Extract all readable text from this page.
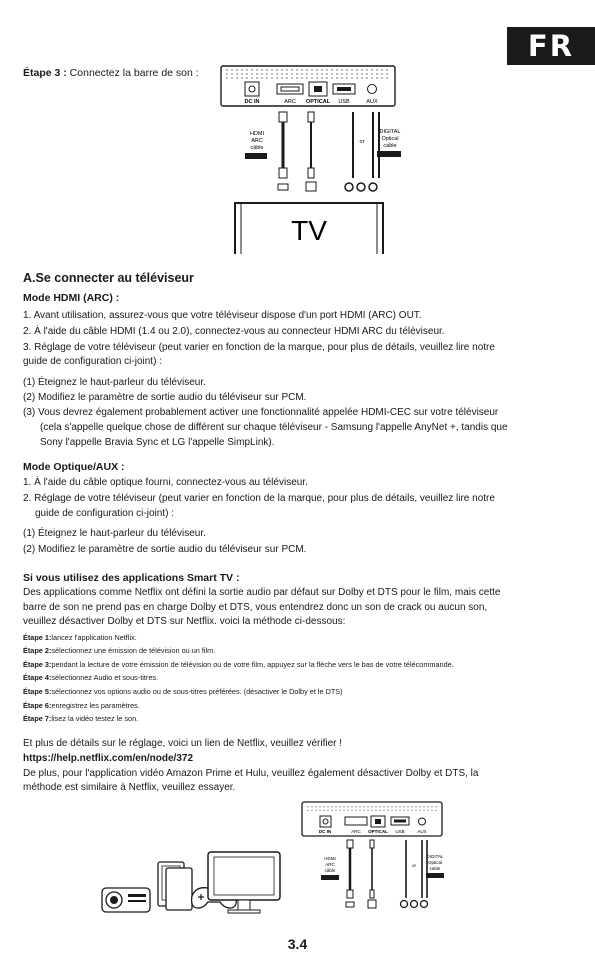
FR
Étape 3 : Connectez la barre de son :
DC IN	ARC OPTICAL USB	AUX
HDMI
ARC
câble
or
DIGITAL
Optical
cable
TV
A.Se connecter au téléviseur
Mode HDMI (ARC) :
1. Avant utilisation, assurez-vous que votre téléviseur dispose d'un port HDMI (ARC) OUT.
2. À l'aide du câble HDMI (1.4 ou 2.0), connectez-vous au connecteur HDMI ARC du téléviseur.
3. Réglage de votre téléviseur (peut varier en fonction de la marque, pour plus de détails, veuillez lire notre
guide de configuration ci-joint) :
(1) Éteignez le haut-parleur du téléviseur.
(2) Modifiez le paramètre de sortie audio du téléviseur sur PCM.
(3) Vous devrez également probablement activer une fonctionnalité appelée HDMI-CEC sur votre téléviseur
(cela s'appelle quelque chose de différent sur chaque téléviseur - Samsung l'appelle AnyNet +, tandis que
Sony l'appelle Bravia Sync et LG l'appelle SimpLink).
Mode Optique/AUX :
1. À l'aide du câble optique fourni, connectez-vous au téléviseur.
2. Réglage de votre téléviseur (peut varier en fonction de la marque, pour plus de détails, veuillez lire notre
guide de configuration ci-joint) :
(1) Éteignez le haut-parleur du téléviseur.
(2) Modifiez le paramètre de sortie audio du téléviseur sur PCM.
Si vous utilisez des applications Smart TV :
Des applications comme Netflix ont défini la sortie audio par défaut sur Dolby et DTS pour le film, mais cette
barre de son ne prend pas en charge Dolby et DTS, vous entendrez donc un son de crack ou aucun son,
veuillez désactiver Dolby et DTS sur Netflix. voici la méthode ci-dessous:
Étape 1:lancez l'application Netflix.
Étape 2:sélectionnez une émission de télévision ou un film.
Étape 3:pendant la lecture de votre émission de télévision ou de votre film, appuyez sur la flèche vers le bas de votre télécommande.
Étape 4:sélectionnez Audio et sous-titres.
Étape 5:sélectionnez vos options audio ou de sous-titres préférées. (désactiver le Dolby et le DTS)
Étape 6:enregistrez les paramètres.
Étape 7:lisez la vidéo testez le son.
Et plus de détails sur le réglage, voici un lien de Netflix, veuillez vérifier !
https://help.netflix.com/en/node/372
De plus, pour l'application vidéo Amazon Prime et Hulu, veuillez également désactiver Dolby et DTS, la
méthode est similaire à Netflix, veuillez essayer.
DC IN	ARC OPTICAL USB	AUX
HDMI
ARC
câble
or
DIGITAL
Optical
cable
3.4
